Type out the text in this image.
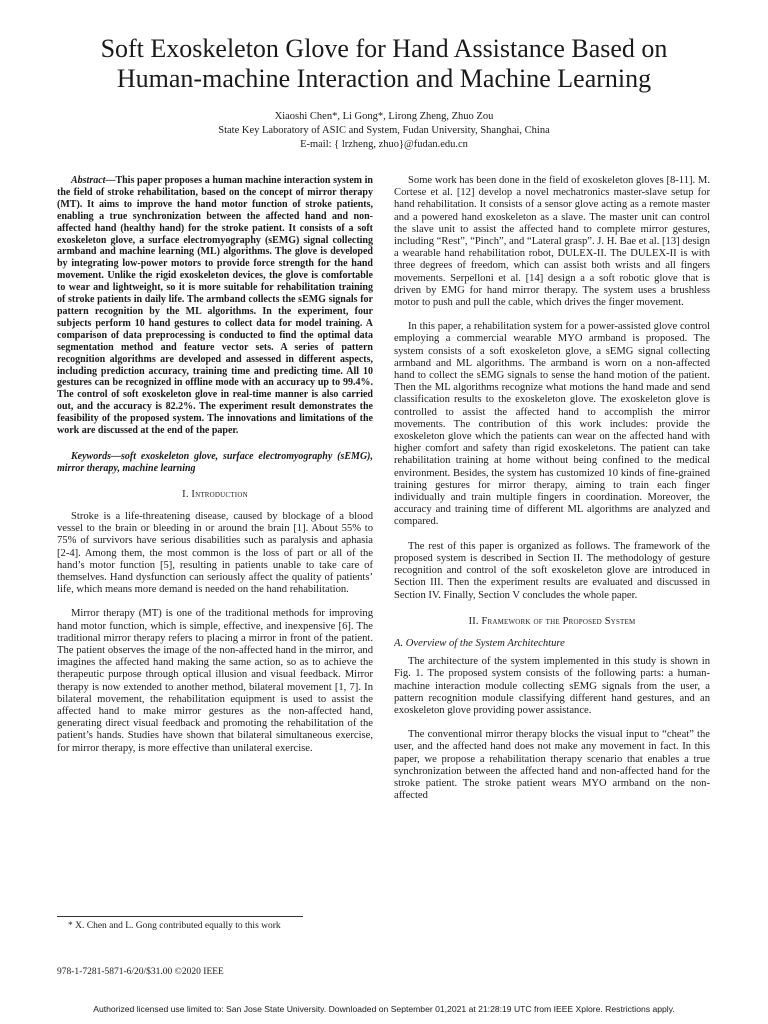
Soft Exoskeleton Glove for Hand Assistance Based on
Human-machine Interaction and Machine Learning
Xiaoshi Chen*, Li Gong*, Lirong Zheng, Zhuo Zou
State Key Laboratory of ASIC and System, Fudan University, Shanghai, China
E-mail: { lrzheng, zhuo}@fudan.edu.cn

Abstract—This paper proposes a human machine interaction system in the field of stroke rehabilitation, based on the concept of mirror therapy (MT). It aims to improve the hand motor function of stroke patients, enabling a true synchronization between the affected hand and non-affected hand (healthy hand) for the stroke patient. It consists of a soft exoskeleton glove, a surface electromyography (sEMG) signal collecting armband and machine learning (ML) algorithms. The glove is developed by integrating low-power motors to provide force strength for the hand movement. Unlike the rigid exoskeleton devices, the glove is comfortable to wear and lightweight, so it is more suitable for rehabilitation training of stroke patients in daily life. The armband collects the sEMG signals for pattern recognition by the ML algorithms. In the experiment, four subjects perform 10 hand gestures to collect data for model training. A comparison of data preprocessing is conducted to find the optimal data segmentation method and feature vector sets. A series of pattern recognition algorithms are developed and assessed in different aspects, including prediction accuracy, training time and predicting time. All 10 gestures can be recognized in offline mode with an accuracy up to 99.4%. The control of soft exoskeleton glove in real-time manner is also carried out, and the accuracy is 82.2%. The experiment result demonstrates the feasibility of the proposed system. The innovations and limitations of the work are discussed at the end of the paper.

Keywords—soft exoskeleton glove, surface electromyography (sEMG), mirror therapy, machine learning

I. Introduction

Stroke is a life-threatening disease, caused by blockage of a blood vessel to the brain or bleeding in or around the brain [1]. About 55% to 75% of survivors have serious disabilities such as paralysis and aphasia [2-4]. Among them, the most common is the loss of part or all of the hand’s motor function [5], resulting in patients unable to take care of themselves. Hand dysfunction can seriously affect the quality of patients’ life, which means more demand is needed on the hand rehabilitation.

Mirror therapy (MT) is one of the traditional methods for improving hand motor function, which is simple, effective, and inexpensive [6]. The traditional mirror therapy refers to placing a mirror in front of the patient. The patient observes the image of the non-affected hand in the mirror, and imagines the affected hand making the same action, so as to achieve the therapeutic purpose through optical illusion and visual feedback. Mirror therapy is now extended to another method, bilateral movement [1, 7]. In bilateral movement, the rehabilitation equipment is used to assist the affected hand to make mirror gestures as the non-affected hand, generating direct visual feedback and promoting the rehabilitation of the patient’s hands. Studies have shown that bilateral simultaneous exercise, for mirror therapy, is more effective than unilateral exercise.

Some work has been done in the field of exoskeleton gloves [8-11]. M. Cortese et al. [12] develop a novel mechatronics master-slave setup for hand rehabilitation. It consists of a sensor glove acting as a remote master and a powered hand exoskeleton as a slave. The master unit can control the slave unit to assist the affected hand to complete mirror gestures, including “Rest”, “Pinch”, and “Lateral grasp”. J. H. Bae et al. [13] design a wearable hand rehabilitation robot, DULEX-II. The DULEX-II is with three degrees of freedom, which can assist both wrists and all fingers movements. Serpelloni et al. [14] design a a soft robotic glove that is driven by EMG for hand mirror therapy. The system uses a brushless motor to push and pull the cable, which drives the finger movement.

In this paper, a rehabilitation system for a power-assisted glove control employing a commercial wearable MYO armband is proposed. The system consists of a soft exoskeleton glove, a sEMG signal collecting armband and ML algorithms. The armband is worn on a non-affected hand to collect the sEMG signals to sense the hand motion of the patient. Then the ML algorithms recognize what motions the hand made and send classification results to the exoskeleton glove. The exoskeleton glove is controlled to assist the affected hand to accomplish the mirror movements. The contribution of this work includes: provide the exoskeleton glove which the patients can wear on the affected hand with higher comfort and safety than rigid exoskeletons. The patient can take rehabilitation training at home without being confined to the medical environment. Besides, the system has customized 10 kinds of fine-grained training gestures for mirror therapy, aiming to train each finger individually and train multiple fingers in coordination. Moreover, the accuracy and training time of different ML algorithms are analyzed and compared.

The rest of this paper is organized as follows. The framework of the proposed system is described in Section II. The methodology of gesture recognition and control of the soft exoskeleton glove are introduced in Section III. Then the experiment results are evaluated and discussed in Section IV. Finally, Section V concludes the whole paper.

II. Framework of the Proposed System
A. Overview of the System Architechture

The architecture of the system implemented in this study is shown in Fig. 1. The proposed system consists of the following parts: a human-machine interaction module collecting sEMG signals from the user, a pattern recognition module classifying different hand gestures, and an exoskeleton glove providing power assistance.

The conventional mirror therapy blocks the visual input to “cheat” the user, and the affected hand does not make any movement in fact. In this paper, we propose a rehabilitation therapy scenario that enables a true synchronization between the affected hand and non-affected hand for the stroke patient. The stroke patient wears MYO armband on the non-affected

* X. Chen and L. Gong contributed equally to this work
978-1-7281-5871-6/20/$31.00 ©2020 IEEE
Authorized licensed use limited to: San Jose State University. Downloaded on September 01,2021 at 21:28:19 UTC from IEEE Xplore. Restrictions apply.
